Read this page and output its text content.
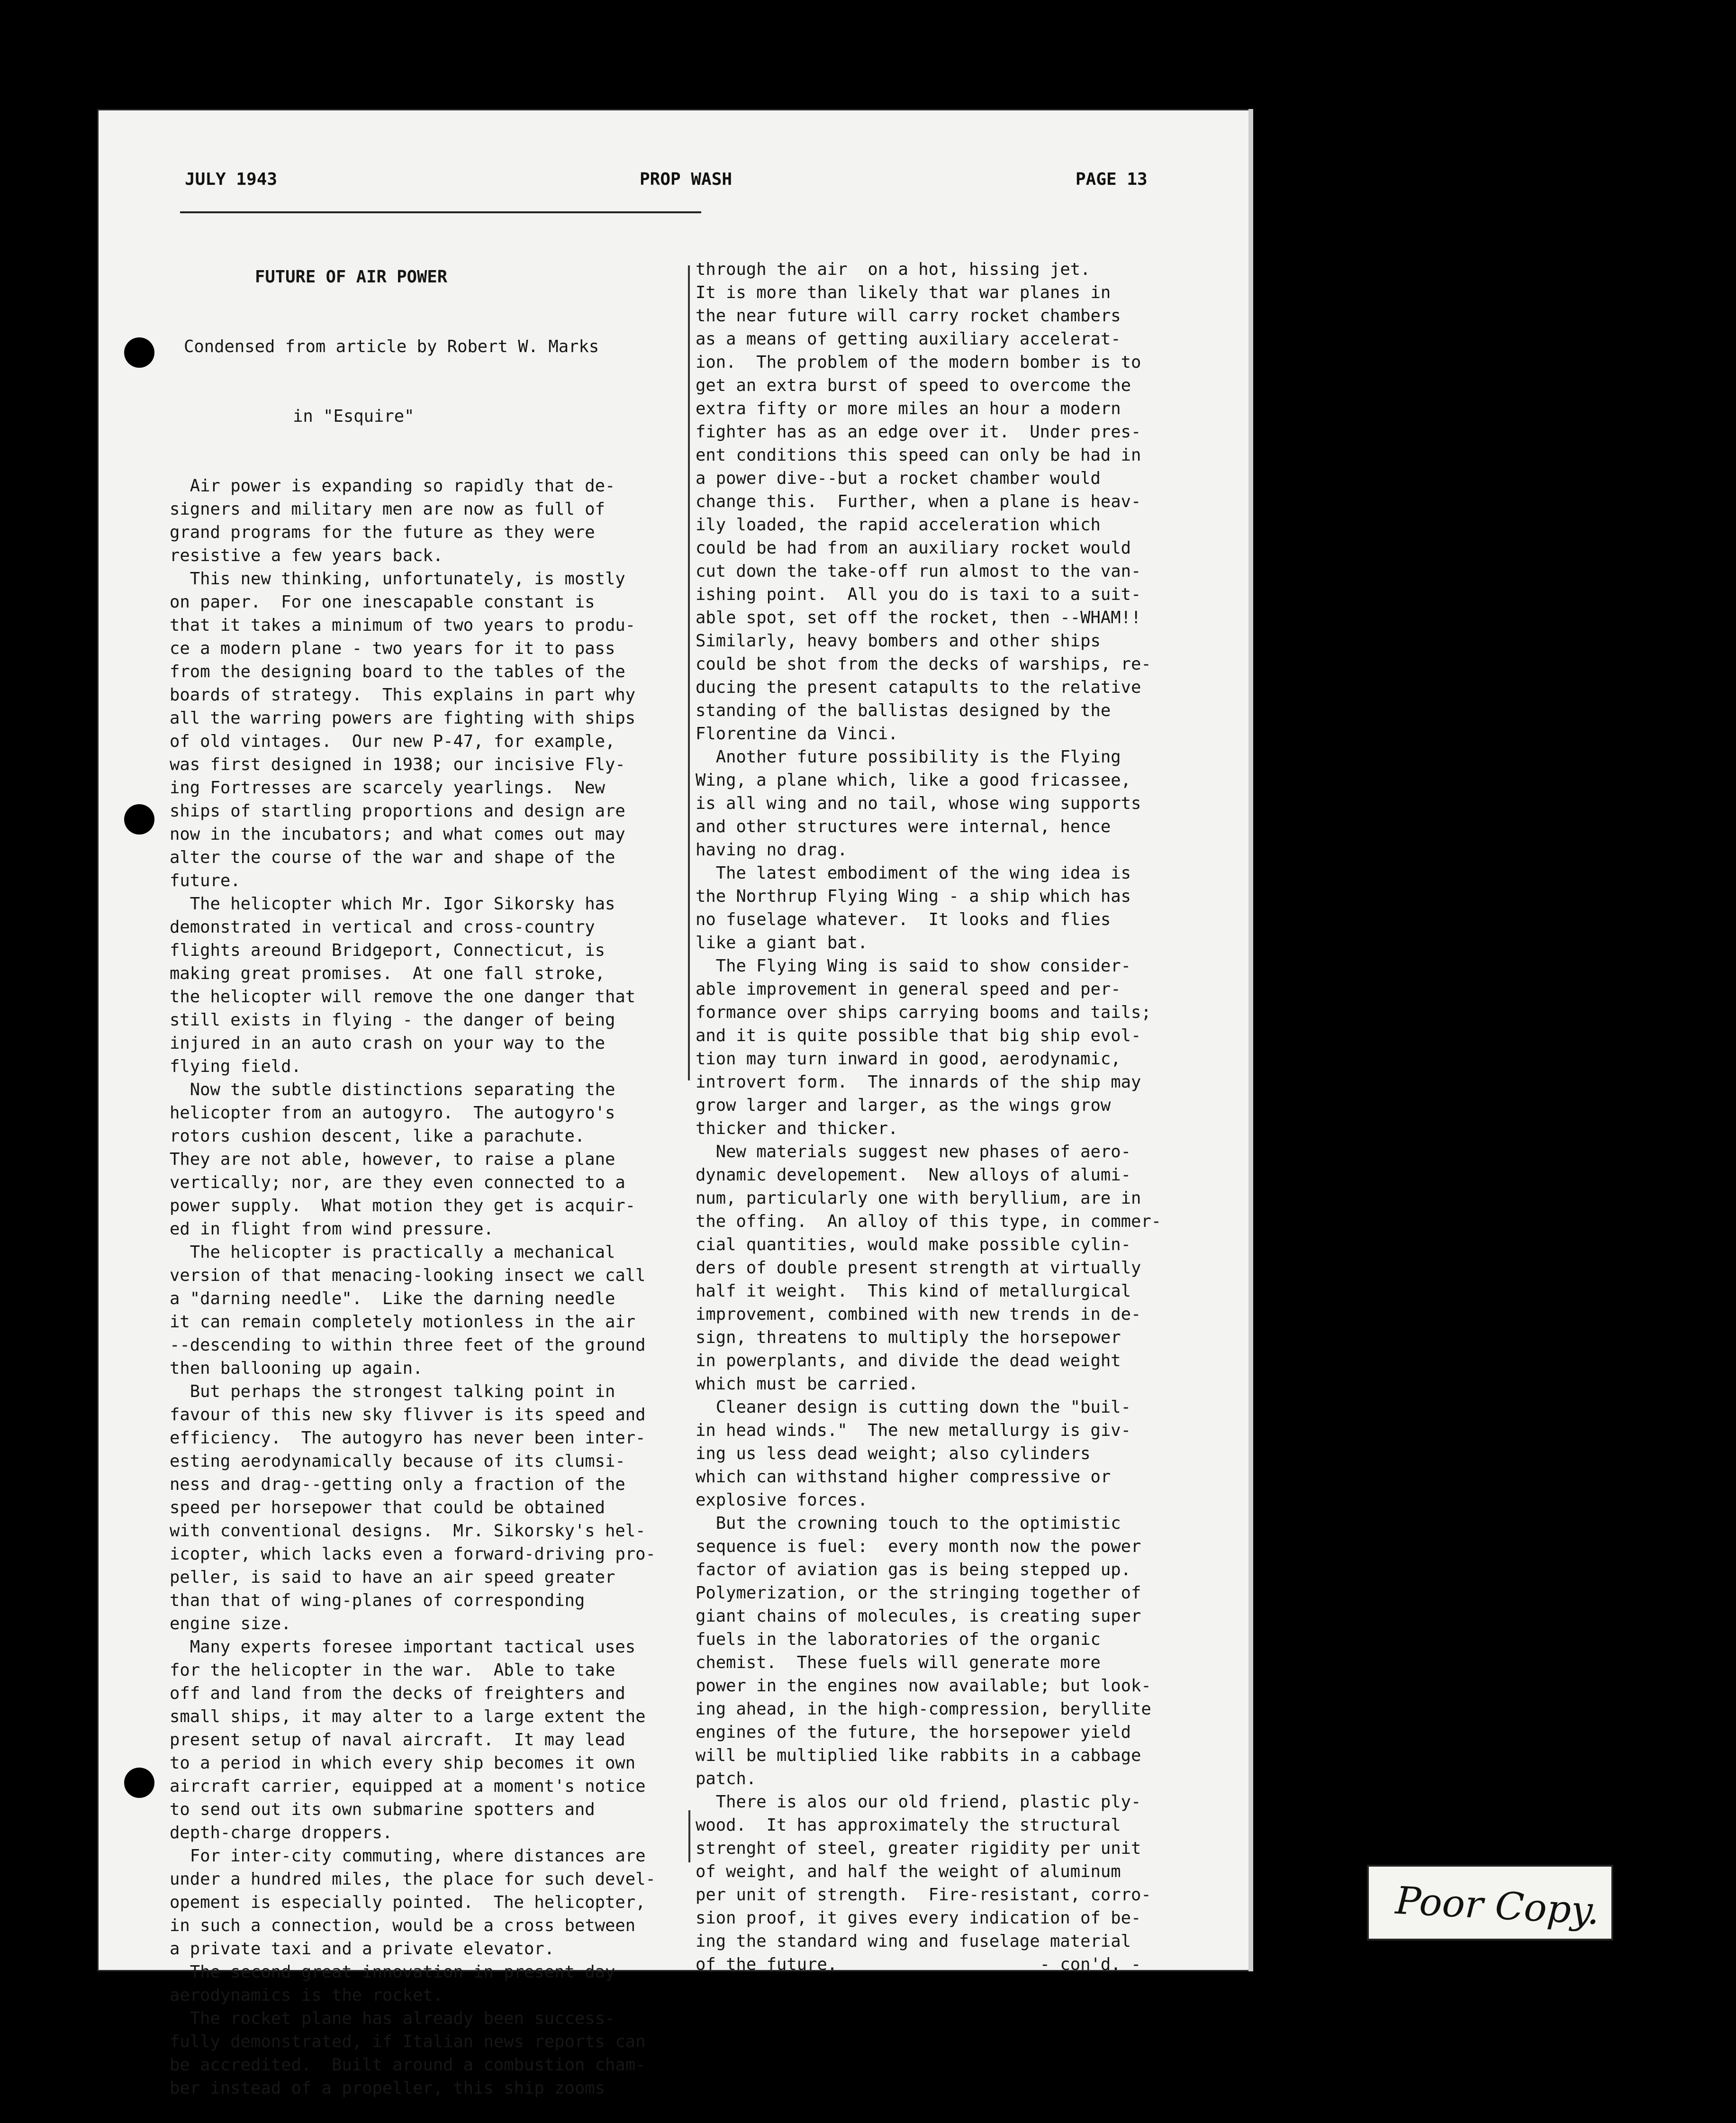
JULY 1943	PROP WASH	PAGE 13

FUTURE OF AIR POWER

Condensed from article by Robert W. Marks

in "Esquire"

Air power is expanding so rapidly that de-
signers and military men are now as full of
grand programs for the future as they were
resistive a few years back.
This new thinking, unfortunately, is mostly
on paper.  For one inescapable constant is
that it takes a minimum of two years to produ-
ce a modern plane - two years for it to pass
from the designing board to the tables of the
boards of strategy.  This explains in part why
all the warring powers are fighting with ships
of old vintages.  Our new P-47, for example,
was first designed in 1938; our incisive Fly-
ing Fortresses are scarcely yearlings.  New
ships of startling proportions and design are
now in the incubators; and what comes out may
alter the course of the war and shape of the
future.
The helicopter which Mr. Igor Sikorsky has
demonstrated in vertical and cross-country
flights areound Bridgeport, Connecticut, is
making great promises.  At one fall stroke,
the helicopter will remove the one danger that
still exists in flying - the danger of being
injured in an auto crash on your way to the
flying field.
Now the subtle distinctions separating the
helicopter from an autogyro.  The autogyro's
rotors cushion descent, like a parachute.
They are not able, however, to raise a plane
vertically; nor, are they even connected to a
power supply.  What motion they get is acquir-
ed in flight from wind pressure.
The helicopter is practically a mechanical
version of that menacing-looking insect we call
a "darning needle".  Like the darning needle
it can remain completely motionless in the air
--descending to within three feet of the ground
then ballooning up again.
But perhaps the strongest talking point in
favour of this new sky flivver is its speed and
efficiency.  The autogyro has never been inter-
esting aerodynamically because of its clumsi-
ness and drag--getting only a fraction of the
speed per horsepower that could be obtained
with conventional designs.  Mr. Sikorsky's hel-
icopter, which lacks even a forward-driving pro-
peller, is said to have an air speed greater
than that of wing-planes of corresponding
engine size.
Many experts foresee important tactical uses
for the helicopter in the war.  Able to take
off and land from the decks of freighters and
small ships, it may alter to a large extent the
present setup of naval aircraft.  It may lead
to a period in which every ship becomes it own
aircraft carrier, equipped at a moment's notice
to send out its own submarine spotters and
depth-charge droppers.
For inter-city commuting, where distances are
under a hundred miles, the place for such devel-
opement is especially pointed.  The helicopter,
in such a connection, would be a cross between
a private taxi and a private elevator.
The second great innovation in present day
aerodynamics is the rocket.
The rocket plane has already been success-
fully demonstrated, if Italian news reports can
be accredited.  Built around a combustion cham-
ber instead of a propeller, this ship zooms

through the air  on a hot, hissing jet.
It is more than likely that war planes in
the near future will carry rocket chambers
as a means of getting auxiliary accelerat-
ion.  The problem of the modern bomber is to
get an extra burst of speed to overcome the
extra fifty or more miles an hour a modern
fighter has as an edge over it.  Under pres-
ent conditions this speed can only be had in
a power dive--but a rocket chamber would
change this.  Further, when a plane is heav-
ily loaded, the rapid acceleration which
could be had from an auxiliary rocket would
cut down the take-off run almost to the van-
ishing point.  All you do is taxi to a suit-
able spot, set off the rocket, then --WHAM!!
Similarly, heavy bombers and other ships
could be shot from the decks of warships, re-
ducing the present catapults to the relative
standing of the ballistas designed by the
Florentine da Vinci.
Another future possibility is the Flying
Wing, a plane which, like a good fricassee,
is all wing and no tail, whose wing supports
and other structures were internal, hence
having no drag.
The latest embodiment of the wing idea is
the Northrup Flying Wing - a ship which has
no fuselage whatever.  It looks and flies
like a giant bat.
The Flying Wing is said to show consider-
able improvement in general speed and per-
formance over ships carrying booms and tails;
and it is quite possible that big ship evol-
tion may turn inward in good, aerodynamic,
introvert form.  The innards of the ship may
grow larger and larger, as the wings grow
thicker and thicker.
New materials suggest new phases of aero-
dynamic developement.  New alloys of alumi-
num, particularly one with beryllium, are in
the offing.  An alloy of this type, in commer-
cial quantities, would make possible cylin-
ders of double present strength at virtually
half it weight.  This kind of metallurgical
improvement, combined with new trends in de-
sign, threatens to multiply the horsepower
in powerplants, and divide the dead weight
which must be carried.
Cleaner design is cutting down the "buil-
in head winds."  The new metallurgy is giv-
ing us less dead weight; also cylinders
which can withstand higher compressive or
explosive forces.
But the crowning touch to the optimistic
sequence is fuel:  every month now the power
factor of aviation gas is being stepped up.
Polymerization, or the stringing together of
giant chains of molecules, is creating super
fuels in the laboratories of the organic
chemist.  These fuels will generate more
power in the engines now available; but look-
ing ahead, in the high-compression, beryllite
engines of the future, the horsepower yield
will be multiplied like rabbits in a cabbage
patch.
There is alos our old friend, plastic ply-
wood.  It has approximately the structural
strenght of steel, greater rigidity per unit
of weight, and half the weight of aluminum
per unit of strength.  Fire-resistant, corro-
sion proof, it gives every indication of be-
ing the standard wing and fuselage material
of the future.                    - con'd. -

Poor Copy.
